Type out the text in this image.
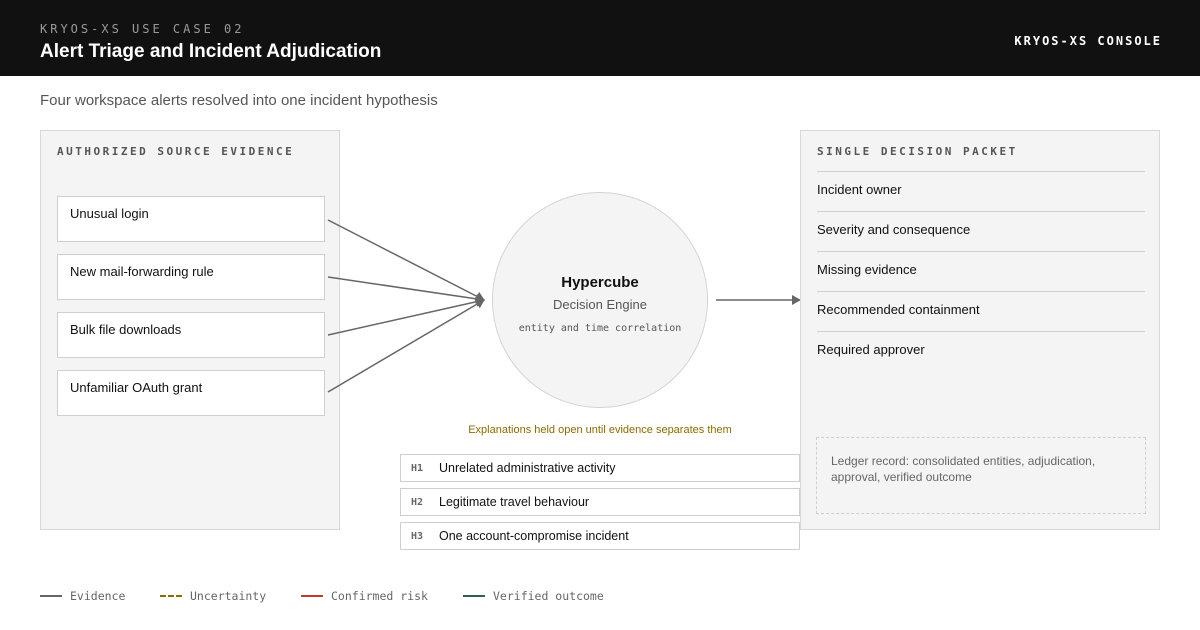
KRYOS-XS USE CASE 02
Alert Triage and Incident Adjudication	KRYOS-XS CONSOLE
Four workspace alerts resolved into one incident hypothesis
AUTHORIZED SOURCE EVIDENCE
Unusual login
New mail-forwarding rule
Bulk file downloads
Unfamiliar OAuth grant
Hypercube
Decision Engine
entity and time correlation
Explanations held open until evidence separates them
H1 Unrelated administrative activity
H2 Legitimate travel behaviour
H3 One account-compromise incident
SINGLE DECISION PACKET
Incident owner
Severity and consequence
Missing evidence
Recommended containment
Required approver
Ledger record: consolidated entities, adjudication, approval, verified outcome
Evidence	Uncertainty	Confirmed risk	Verified outcome
